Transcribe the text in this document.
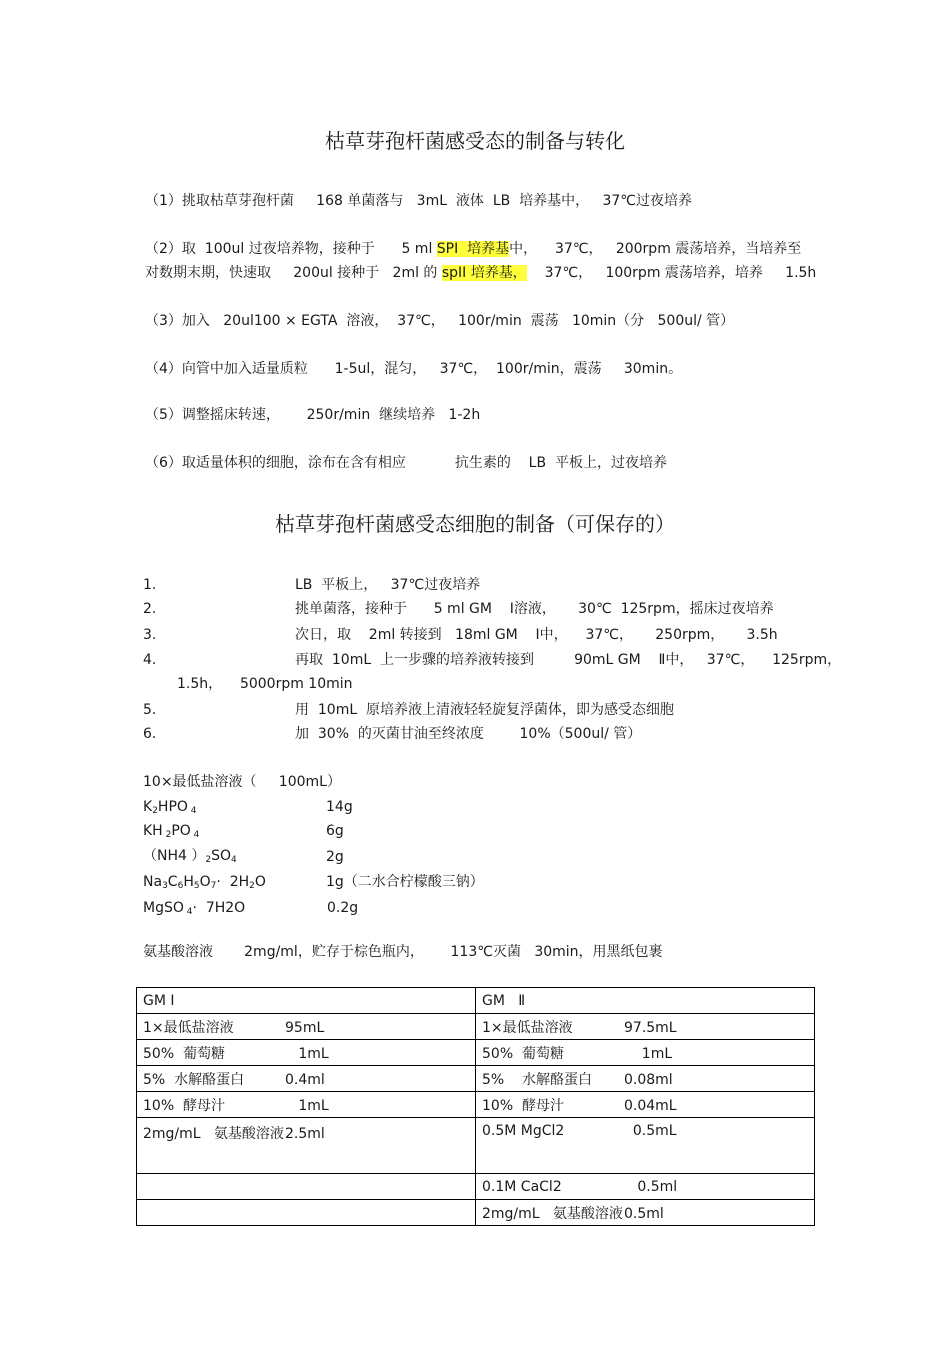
枯草芽孢杆菌感受态的制备与转化
（1）挑取枯草芽孢杆菌     168 单菌落与   3mL  液体  LB  培养基中，   37℃过夜培养
（2）取  100ul 过夜培养物，接种于      5 ml SPI  培养基中，    37℃，   200rpm 震荡培养，当培养至
对数期末期，快速取     200ul 接种于   2ml 的 spII 培养基，    37℃，   100rpm 震荡培养，培养     1.5h
（3）加入   20ul100 × EGTA  溶液，  37℃，   100r/min  震荡   10min（分   500ul/ 管）
（4）向管中加入适量质粒      1-5ul，混匀，   37℃，  100r/min，震荡     30min。
（5）调整摇床转速，      250r/min  继续培养   1-2h
（6）取适量体积的细胞，涂布在含有相应           抗生素的    LB  平板上，过夜培养
枯草芽孢杆菌感受态细胞的制备（可保存的）
1.	LB  平板上，   37℃过夜培养
2.	挑单菌落，接种于      5 ml GM    Ⅰ溶液，     30℃  125rpm，摇床过夜培养
3.	次日，取    2ml 转接到   18ml GM    Ⅰ中，    37℃，     250rpm，     3.5h
4.	再取  10mL  上一步骤的培养液转接到         90mL GM    Ⅱ中，   37℃，    125rpm，
1.5h，    5000rpm 10min
5.	用  10mL  原培养液上清液轻轻旋复浮菌体，即为感受态细胞
6.	加  30%  的灭菌甘油至终浓度        10%（500ul/ 管）
10×最低盐溶液（     100mL）
$K_2HPO$ $_4$	14g
KH $_2$PO $_4$	6g
（NH4 ）$_2SO_4$	2g
$Na_3C_6H_5O_7\cdot 2H_2O$	1g（二水合柠檬酸三钠）
MgSO $_4$·  7H2O	0.2g
氨基酸溶液       2mg/ml，贮存于棕色瓶内，      113℃灭菌   30min，用黑纸包裹
GM Ⅰ	GM   Ⅱ
1×最低盐溶液 95mL	1×最低盐溶液 97.5mL
50%  葡萄糖 1mL	50%  葡萄糖 1mL
5%  水解酪蛋白 0.4ml	5%    水解酪蛋白 0.08ml
10%  酵母汁 1mL	10%  酵母汁 0.04mL
2mg/mL   氨基酸溶液2.5ml	0.5M MgCl2 0.5mL
	0.1M CaCl2 0.5ml
	2mg/mL   氨基酸溶液0.5ml
